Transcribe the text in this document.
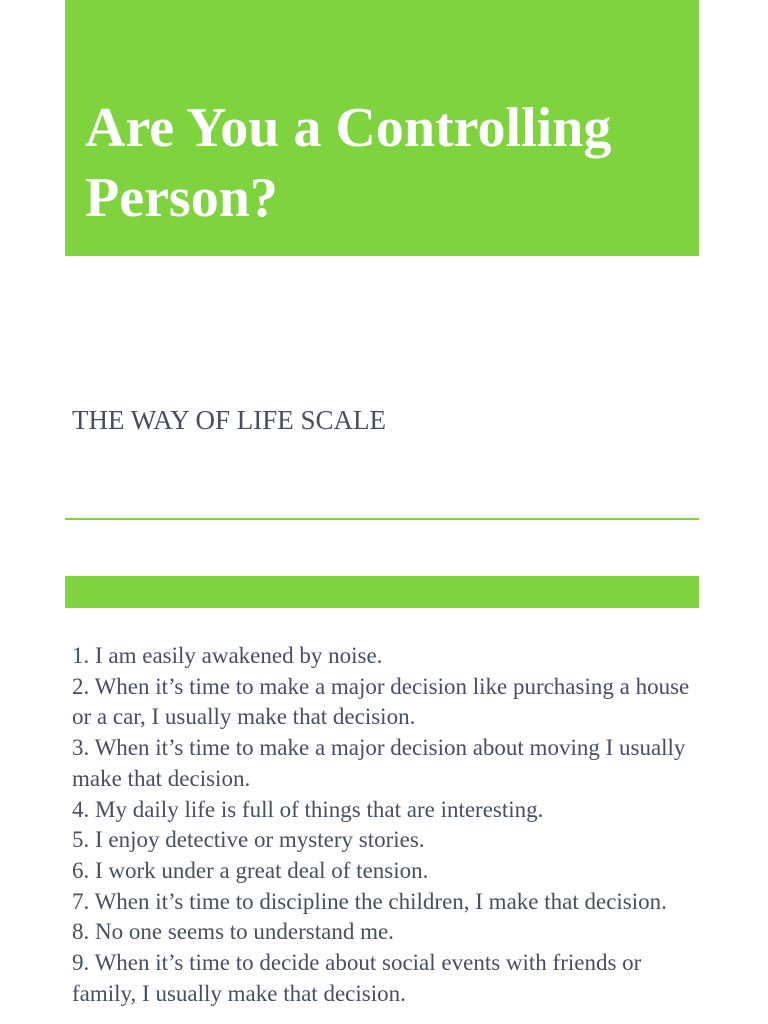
Are You a Controlling
Person?
THE WAY OF LIFE SCALE
1. I am easily awakened by noise.
2. When it’s time to make a major decision like purchasing a house or a car, I usually make that decision.
3. When it’s time to make a major decision about moving I usually make that decision.
4. My daily life is full of things that are interesting.
5. I enjoy detective or mystery stories.
6. I work under a great deal of tension.
7. When it’s time to discipline the children, I make that decision.
8. No one seems to understand me.
9. When it’s time to decide about social events with friends or family, I usually make that decision.
